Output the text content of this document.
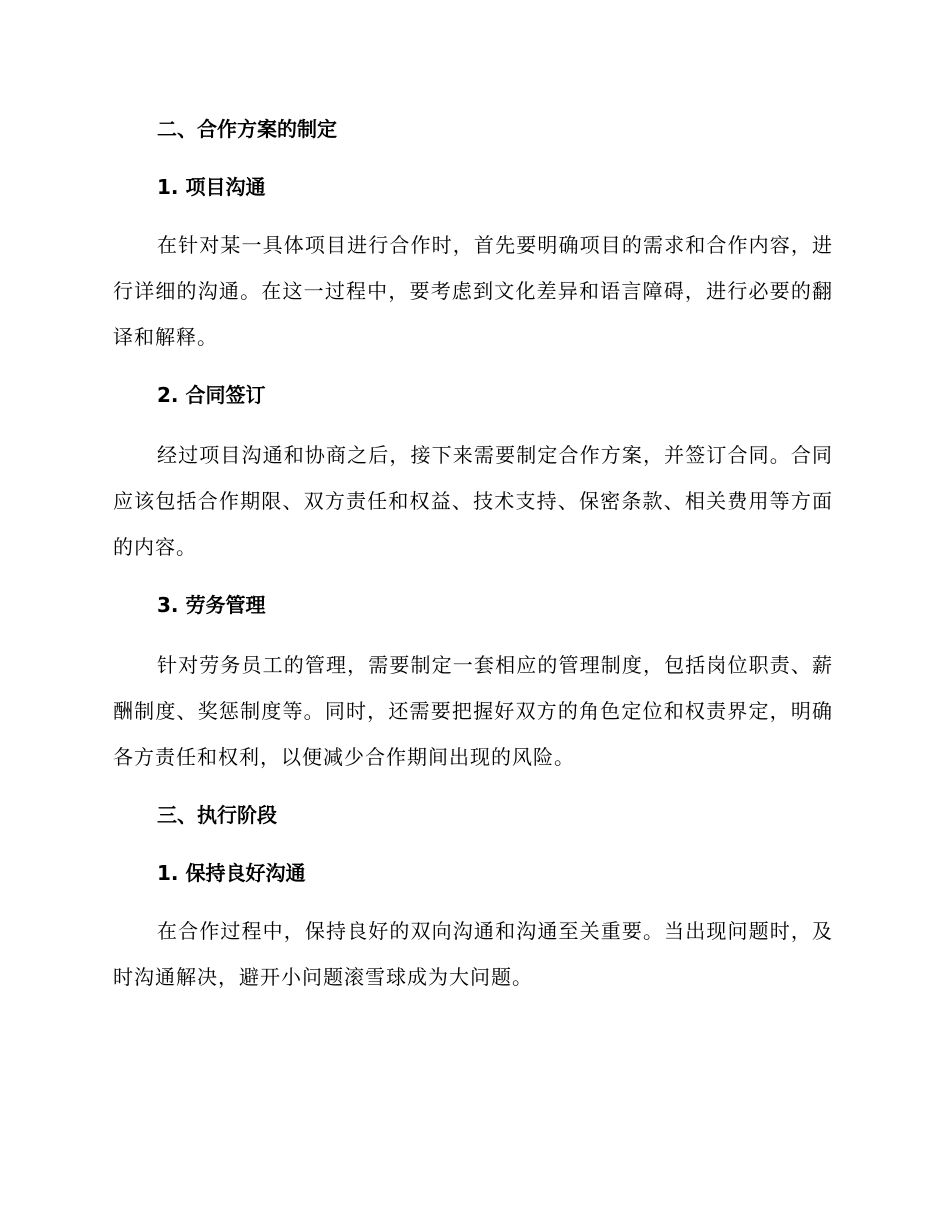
二、合作方案的制定

1. 项目沟通

在针对某一具体项目进行合作时，首先要明确项目的需求和合作内容，进行详细的沟通。在这一过程中，要考虑到文化差异和语言障碍，进行必要的翻译和解释。

2. 合同签订

经过项目沟通和协商之后，接下来需要制定合作方案，并签订合同。合同应该包括合作期限、双方责任和权益、技术支持、保密条款、相关费用等方面的内容。

3. 劳务管理

针对劳务员工的管理，需要制定一套相应的管理制度，包括岗位职责、薪酬制度、奖惩制度等。同时，还需要把握好双方的角色定位和权责界定，明确各方责任和权利，以便减少合作期间出现的风险。

三、执行阶段

1. 保持良好沟通

在合作过程中，保持良好的双向沟通和沟通至关重要。当出现问题时，及时沟通解决，避开小问题滚雪球成为大问题。
